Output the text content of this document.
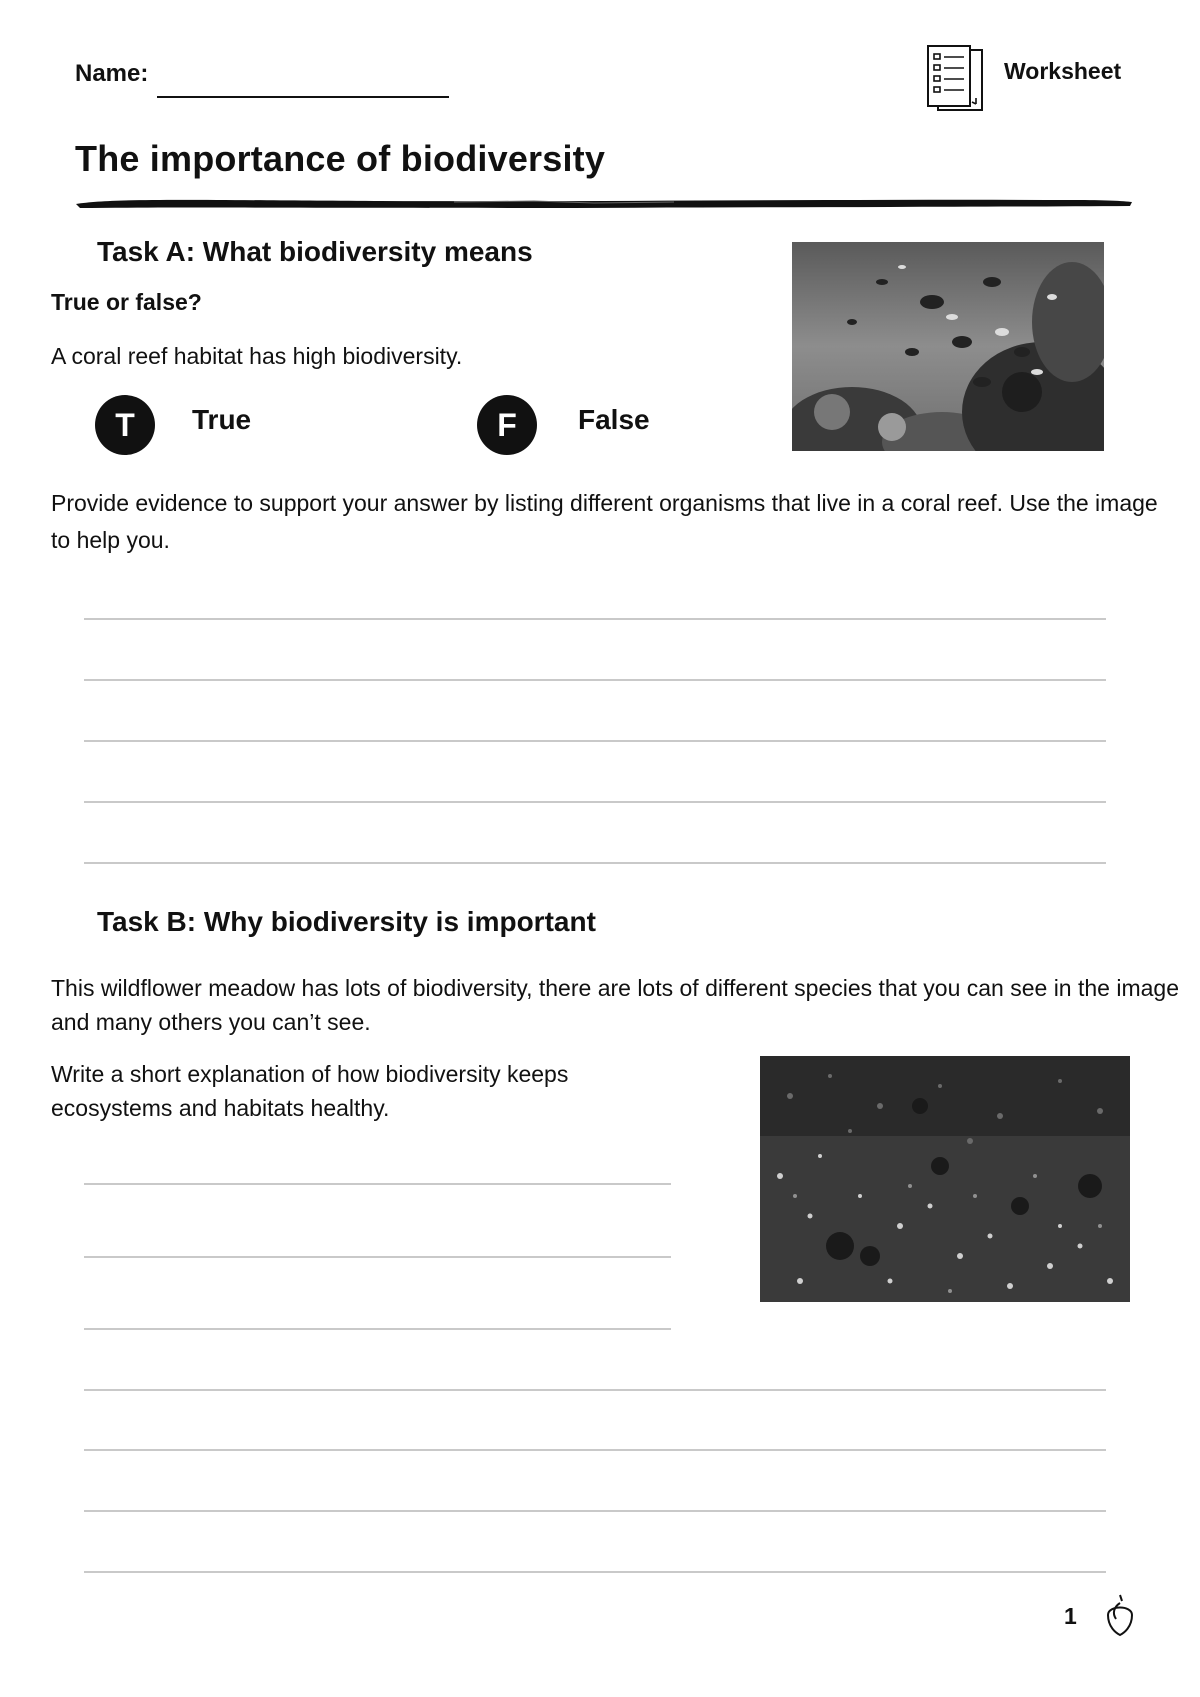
Name:	Worksheet
The importance of biodiversity
Task A: What biodiversity means
True or false?
A coral reef habitat has high biodiversity.
T	True	F	False
Provide evidence to support your answer by listing different organisms that live in a coral reef. Use the image to help you.
Task B: Why biodiversity is important
This wildflower meadow has lots of biodiversity, there are lots of different species that you can see in the image and many others you can’t see.
Write a short explanation of how biodiversity keeps ecosystems and habitats healthy.
1
